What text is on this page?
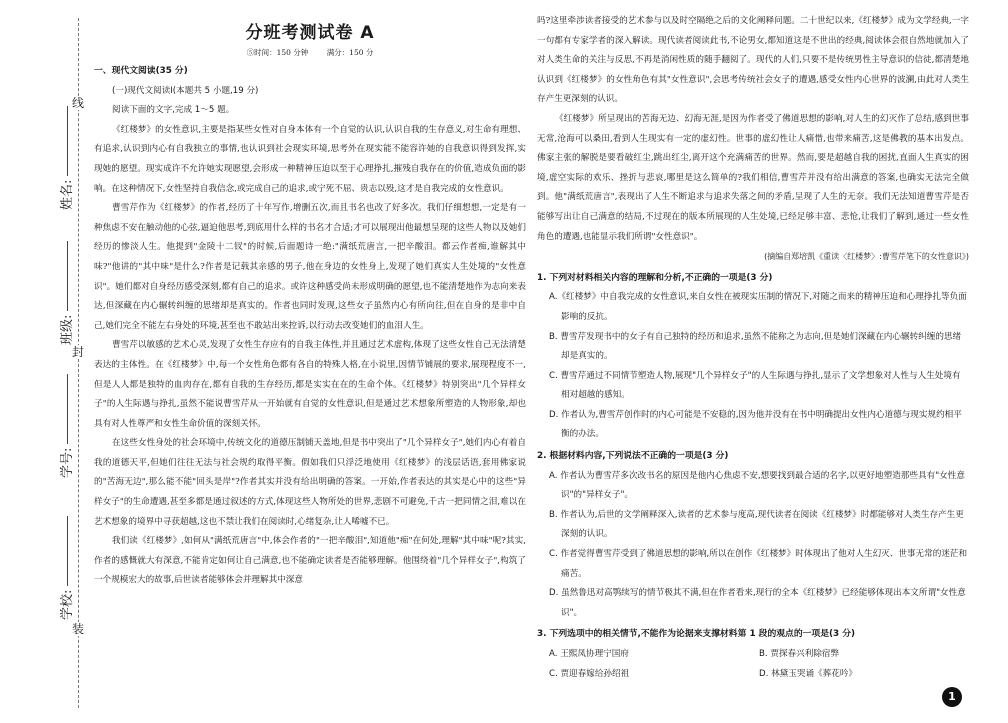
线
封
装
姓名:
班级:
学号:
学校:
分班考测试卷 A
⑤时间：150 分钟 满分：150 分
一、现代文阅读(35 分)
(一)现代文阅读Ⅰ(本题共 5 小题,19 分)
阅读下面的文字,完成 1～5 题。

《红楼梦》的女性意识,主要是指某些女性对自身本体有一个自觉的认识,认识自我的生存意义,对生命有理想、有追求,认识到内心有自我独立的事情,也认识到社会现实环境,思考外在现实能不能容许她的自我意识得到发挥,实现她的愿望。现实成许不允许她实现愿望,会形成一种精神压迫以至于心理挣扎,摧残自我存在的价值,造成负面的影响。在这种情况下,女性坚持自我信念,或完成自己的追求,或宁死不屈、贵志以殁,这才是自我完成的女性意识。

曹雪芹作为《红楼梦》的作者,经历了十年写作,增删五次,而且书名也改了好多次。我们仔细想想,一定是有一种焦虑不安在触动他的心弦,逼迫他思考,到底用什么样的书名才合适;才可以展现出他最想呈现的这些人物以及她们经历的惨淡人生。他提到"金陵十二钗"的时候,后面题诗一绝:"满纸荒唐言,一把辛酸泪。都云作者痴,谁解其中味?"他讲的"其中味"是什么?作者是记载其亲感的男子,他在身边的女性身上,发现了她们真实人生处境的"女性意识"。她们都对自身经历感受深刻,都有自己的追求。或许这种感受尚未形成明确的愿望,也不能清楚地作为志向来表达,但深藏在内心辗转纠缠的思绪却是真实的。作者也同时发现,这些女子虽然内心有所向往,但在自身的是非中自己,她们完全不能左右身处的环境,甚至也不敢站出来控诉,以行动去改变她们的血泪人生。

曹雪芹以敏感的艺术心灵,发现了女性生存应有的自我主体性,并且通过艺术虚构,体现了这些女性自己无法清楚表达的主体性。在《红楼梦》中,每一个女性角色都有各自的特殊人格,在小说里,因情节铺展的要求,展现程度不一,但是人人都是独特的血肉存在,都有自我的生存经历,都是实实在在的生命个体。《红楼梦》特别突出"几个异样女子"的人生际遇与挣扎,虽然不能说曹雪芹从一开始就有自觉的女性意识,但是通过艺术想象所塑造的人物形象,却也具有对人性尊严和女性生命价值的深刻关怀。

在这些女性身处的社会环境中,传统文化的道德压制铺天盖地,但是书中突出了"几个异样女子",她们内心有着自我的道德天平,但她们往往无法与社会规约取得平衡。假如我们只浮泛地使用《红楼梦》的浅层话语,套用佛家说的"苦海无边",那么能不能"回头是岸"?作者其实并没有给出明确的答案。一开始,作者表达的其实是心中的这些"异样女子"的生命遭遇,甚至多都是通过叙述的方式,体现这些人物所处的世界,悲剧不可避免,千古一把同情之泪,难以在艺术想象的境界中寻获超越,这也不禁让我们在阅读时,心绪复杂,让人唏嘘不已。

我们读《红楼梦》,如何从"满纸荒唐言"中,体会作者的"一把辛酸泪",知道他"痴"在何处,理解"其中味"呢?其实,作者的感慨就大有深意,不能肯定如何让自己满意,也不能确定读者是否能够理解。他围绕着"几个异样女子",构筑了一个规模宏大的故事,后世读者能够体会并理解其中深意

吗?这里牵涉读者接受的艺术参与以及时空隔绝之后的文化阐释问题。二十世纪以来,《红楼梦》成为文学经典,一字一句都有专家学者的深入解读。现代读者阅读此书,不论男女,都知道这是不世出的经典,阅读体会很自然地就加入了对人类生命的关注与反思,不再是消闲性质的随手翻阅了。现代的人们,只要不是传统男性主导意识的信徒,都清楚地认识到《红楼梦》的女性角色有其"女性意识",会思考传统社会女子的遭遇,感受女性内心世界的波澜,由此对人类生存产生更深刻的认识。

《红楼梦》所呈现出的苦海无边、幻海无涯,是因为作者受了佛道思想的影响,对人生的幻灭作了总结,感到世事无常,沧海可以桑田,看到人生现实有一定的虚幻性。世事的虚幻性让人痛惜,也带来痛苦,这是佛教的基本出发点。佛家主张的解脱是要看破红尘,跳出红尘,离开这个充满痛苦的世界。然而,要是超越自我的困扰,直面人生真实的困境,虚空实际的欢乐、挫折与悲哀,哪里是这么简单的?我们相信,曹雪芹并没有给出满意的答案,也确实无法完全做到。他"满纸荒唐言",表现出了人生不断追求与追求失落之间的矛盾,呈现了人生的无奈。我们无法知道曹雪芹是否能够写出让自己满意的结局,不过现在的版本所展现的人生处境,已经足够丰富、悲怆,让我们了解到,通过一些女性角色的遭遇,也能显示我们所谓"女性意识"。

(摘编自郑培凯《重读〈红楼梦〉:曹雪芹笔下的女性意识》)
1. 下列对材料相关内容的理解和分析,不正确的一项是(3 分)
A.《红楼梦》中自我完成的女性意识,来自女性在被现实压制的情况下,对随之而来的精神压迫和心理挣扎等负面影响的反抗。
B. 曹雪芹发现书中的女子有自己独特的经历和追求,虽然不能称之为志向,但是她们深藏在内心辗转纠缠的思绪却是真实的。
C. 曹雪芹通过不同情节塑造人物,展现"几个异样女子"的人生际遇与挣扎,显示了文学想象对人性与人生处境有相对超越的感知。
D. 作者认为,曹雪芹创作时的内心可能是不安稳的,因为他并没有在书中明确提出女性内心道德与现实规约相平衡的办法。
2. 根据材料内容,下列说法不正确的一项是(3 分)
A. 作者认为曹雪芹多次改书名的原因是他内心焦虑不安,想要找到最合适的名字,以更好地塑造那些具有"女性意识"的"异样女子"。
B. 作者认为,后世的文学阐释深入,读者的艺术参与度高,现代读者在阅读《红楼梦》时都能够对人类生存产生更深刻的认识。
C. 作者觉得曹雪芹受到了佛道思想的影响,所以在创作《红楼梦》时体现出了他对人生幻灭、世事无常的迷茫和痛苦。
D. 虽然鲁迅对高鹗续写的情节极其不满,但在作者看来,现行的全本《红楼梦》已经能够体现出本文所谓"女性意识"。
3. 下列选项中的相关情节,不能作为论据来支撑材料第 1 段的观点的一项是(3 分)
A. 王熙凤协理宁国府	B. 贾探春兴利除宿弊
C. 贾迎春嫁给孙绍祖	D. 林黛玉哭诵《葬花吟》
1
